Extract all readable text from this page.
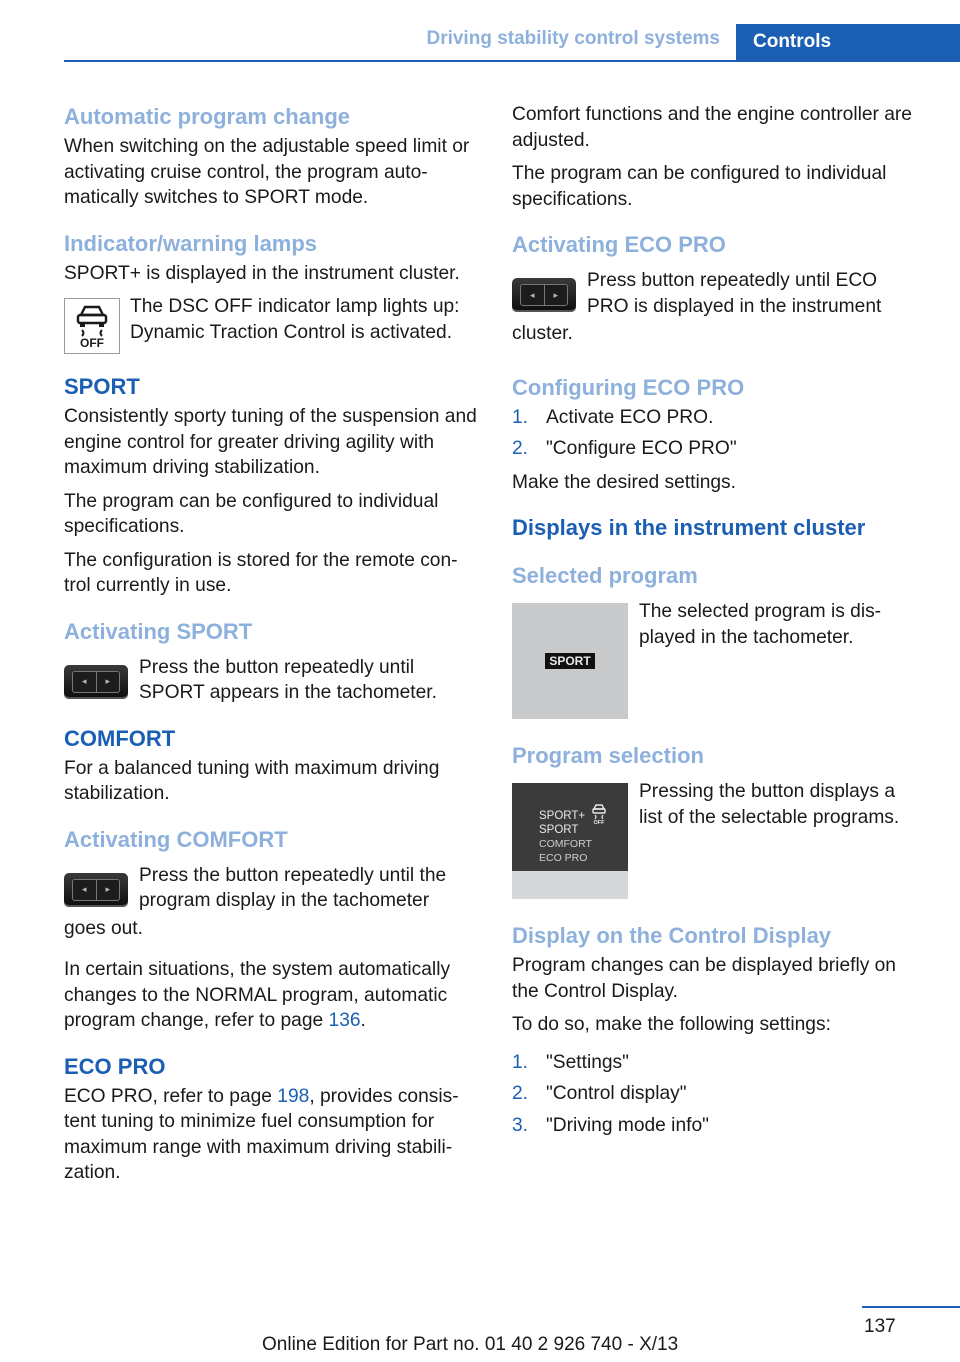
Driving stability control systems	Controls
Automatic program change

When switching on the adjustable speed limit or activating cruise control, the program auto-matically switches to SPORT mode.

Indicator/warning lamps

SPORT+ is displayed in the instrument cluster.

OFF
The DSC OFF indicator lamp lights up: Dynamic Traction Control is activated.
SPORT

Consistently sporty tuning of the suspension and engine control for greater driving agility with maximum driving stabilization.

The program can be configured to individual specifications.

The configuration is stored for the remote con-trol currently in use.

Activating SPORT
◂	▸
Press the button repeatedly until SPORT appears in the tachometer.
COMFORT

For a balanced tuning with maximum driving stabilization.

Activating COMFORT
◂	▸
Press the button repeatedly until the program display in the tachometer

goes out.

In certain situations, the system automatically changes to the NORMAL program, automatic program change, refer to page 136.

ECO PRO

ECO PRO, refer to page 198, provides consis-tent tuning to minimize fuel consumption for maximum range with maximum driving stabili-zation.

Comfort functions and the engine controller are adjusted.

The program can be configured to individual specifications.

Activating ECO PRO
◂	▸
Press button repeatedly until ECO PRO is displayed in the instrument

cluster.

Configuring ECO PRO
1. Activate ECO PRO.
2. "Configure ECO PRO"

Make the desired settings.

Displays in the instrument cluster
Selected program
SPORT
The selected program is dis-played in the tachometer.
Program selection
SPORT+
SPORT
COMFORT
ECO PRO
OFF
Pressing the button displays a list of the selectable programs.
Display on the Control Display

Program changes can be displayed briefly on the Control Display.

To do so, make the following settings:

1. "Settings"
2. "Control display"
3. "Driving mode info"
137
Online Edition for Part no. 01 40 2 926 740 - X/13
